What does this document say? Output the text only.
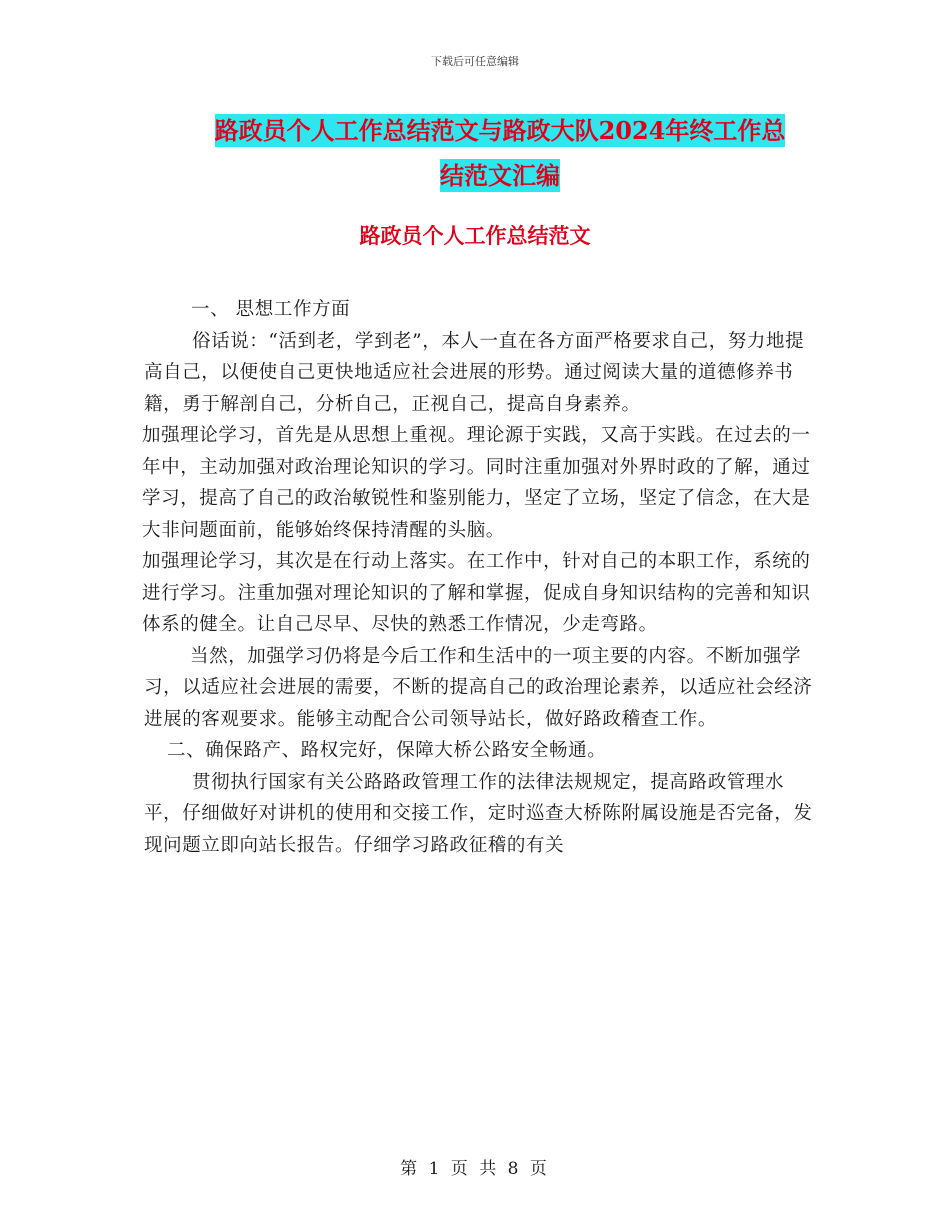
下载后可任意编辑
路政员个人工作总结范文与路政大队2024年终工作总
结范文汇编
路政员个人工作总结范文

一、 思想工作方面

俗话说：“活到老，学到老”，本人一直在各方面严格要求自己，努力地提高自己，以便使自己更快地适应社会进展的形势。通过阅读大量的道德修养书籍，勇于解剖自己，分析自己，正视自己，提高自身素养。

加强理论学习，首先是从思想上重视。理论源于实践，又高于实践。在过去的一年中，主动加强对政治理论知识的学习。同时注重加强对外界时政的了解，通过学习，提高了自己的政治敏锐性和鉴别能力，坚定了立场，坚定了信念，在大是大非问题面前，能够始终保持清醒的头脑。

加强理论学习，其次是在行动上落实。在工作中，针对自己的本职工作，系统的进行学习。注重加强对理论知识的了解和掌握，促成自身知识结构的完善和知识体系的健全。让自己尽早、尽快的熟悉工作情况，少走弯路。

当然，加强学习仍将是今后工作和生活中的一项主要的内容。不断加强学习，以适应社会进展的需要，不断的提高自己的政治理论素养，以适应社会经济进展的客观要求。能够主动配合公司领导站长，做好路政稽查工作。

二、确保路产、路权完好，保障大桥公路安全畅通。

贯彻执行国家有关公路路政管理工作的法律法规规定，提高路政管理水平，仔细做好对讲机的使用和交接工作，定时巡查大桥陈附属设施是否完备，发现问题立即向站长报告。仔细学习路政征稽的有关

第 1 页 共 8 页
